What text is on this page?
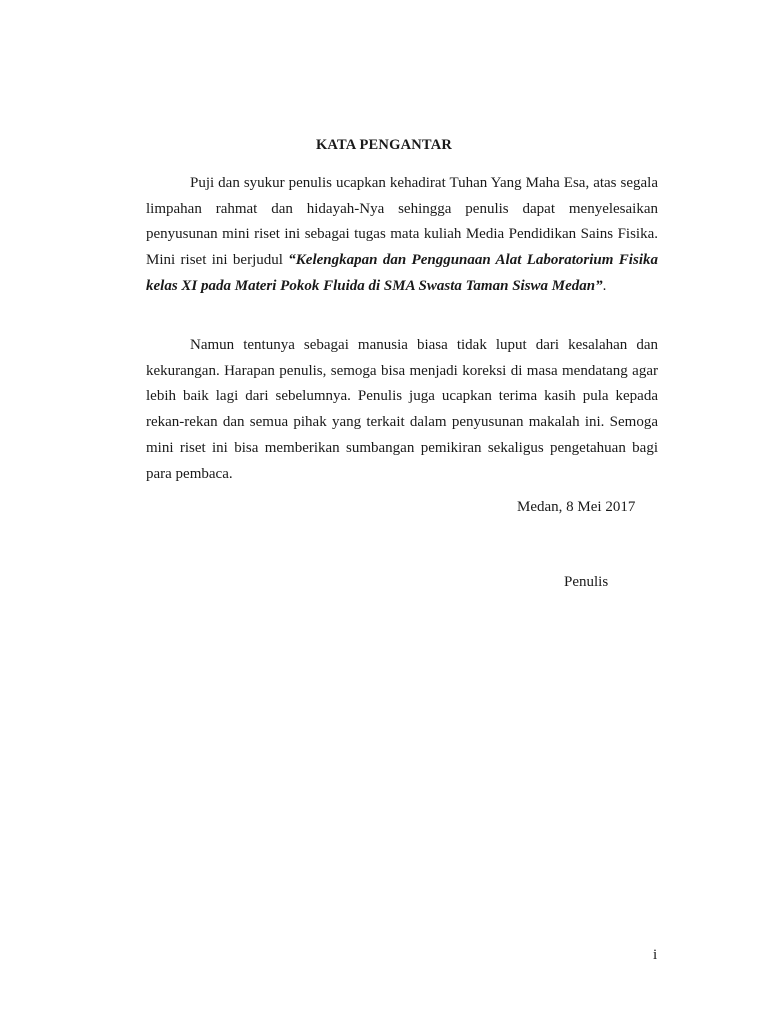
KATA PENGANTAR

Puji dan syukur penulis ucapkan kehadirat Tuhan Yang Maha Esa, atas segala limpahan rahmat dan hidayah-Nya sehingga penulis dapat menyelesaikan penyusunan mini riset ini sebagai tugas mata kuliah Media Pendidikan Sains Fisika. Mini riset ini berjudul “Kelengkapan dan Penggunaan Alat Laboratorium Fisika kelas XI pada Materi Pokok Fluida di SMA Swasta Taman Siswa Medan”.

Namun tentunya sebagai manusia biasa tidak luput dari kesalahan dan kekurangan. Harapan penulis, semoga bisa menjadi koreksi di masa mendatang agar lebih baik lagi dari sebelumnya. Penulis juga ucapkan terima kasih pula kepada rekan-rekan dan semua pihak yang terkait dalam penyusunan makalah ini. Semoga mini riset ini bisa memberikan sumbangan pemikiran sekaligus pengetahuan bagi para pembaca.

Medan, 8 Mei 2017
Penulis
i
